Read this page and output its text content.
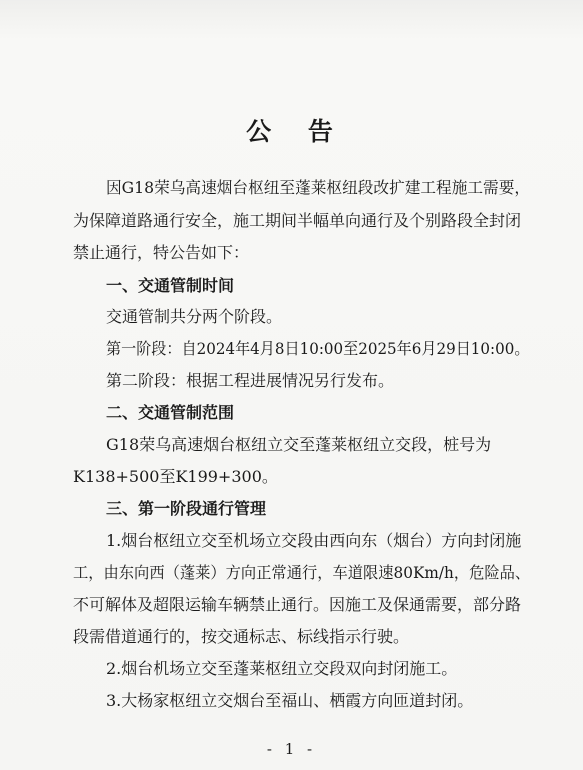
公 告
因G18荣乌高速烟台枢纽至蓬莱枢纽段改扩建工程施工需要，
为保障道路通行安全，施工期间半幅单向通行及个别路段全封闭
禁止通行，特公告如下：
一、交通管制时间
交通管制共分两个阶段。
第一阶段：自2024年4月8日10:00至2025年6月29日10:00。
第二阶段：根据工程进展情况另行发布。
二、交通管制范围
G18荣乌高速烟台枢纽立交至蓬莱枢纽立交段，桩号为
K138+500至K199+300。
三、第一阶段通行管理
1.烟台枢纽立交至机场立交段由西向东（烟台）方向封闭施
工，由东向西（蓬莱）方向正常通行，车道限速80Km/h，危险品、
不可解体及超限运输车辆禁止通行。因施工及保通需要，部分路
段需借道通行的，按交通标志、标线指示行驶。
2.烟台机场立交至蓬莱枢纽立交段双向封闭施工。
3.大杨家枢纽立交烟台至福山、栖霞方向匝道封闭。
- 1 -
